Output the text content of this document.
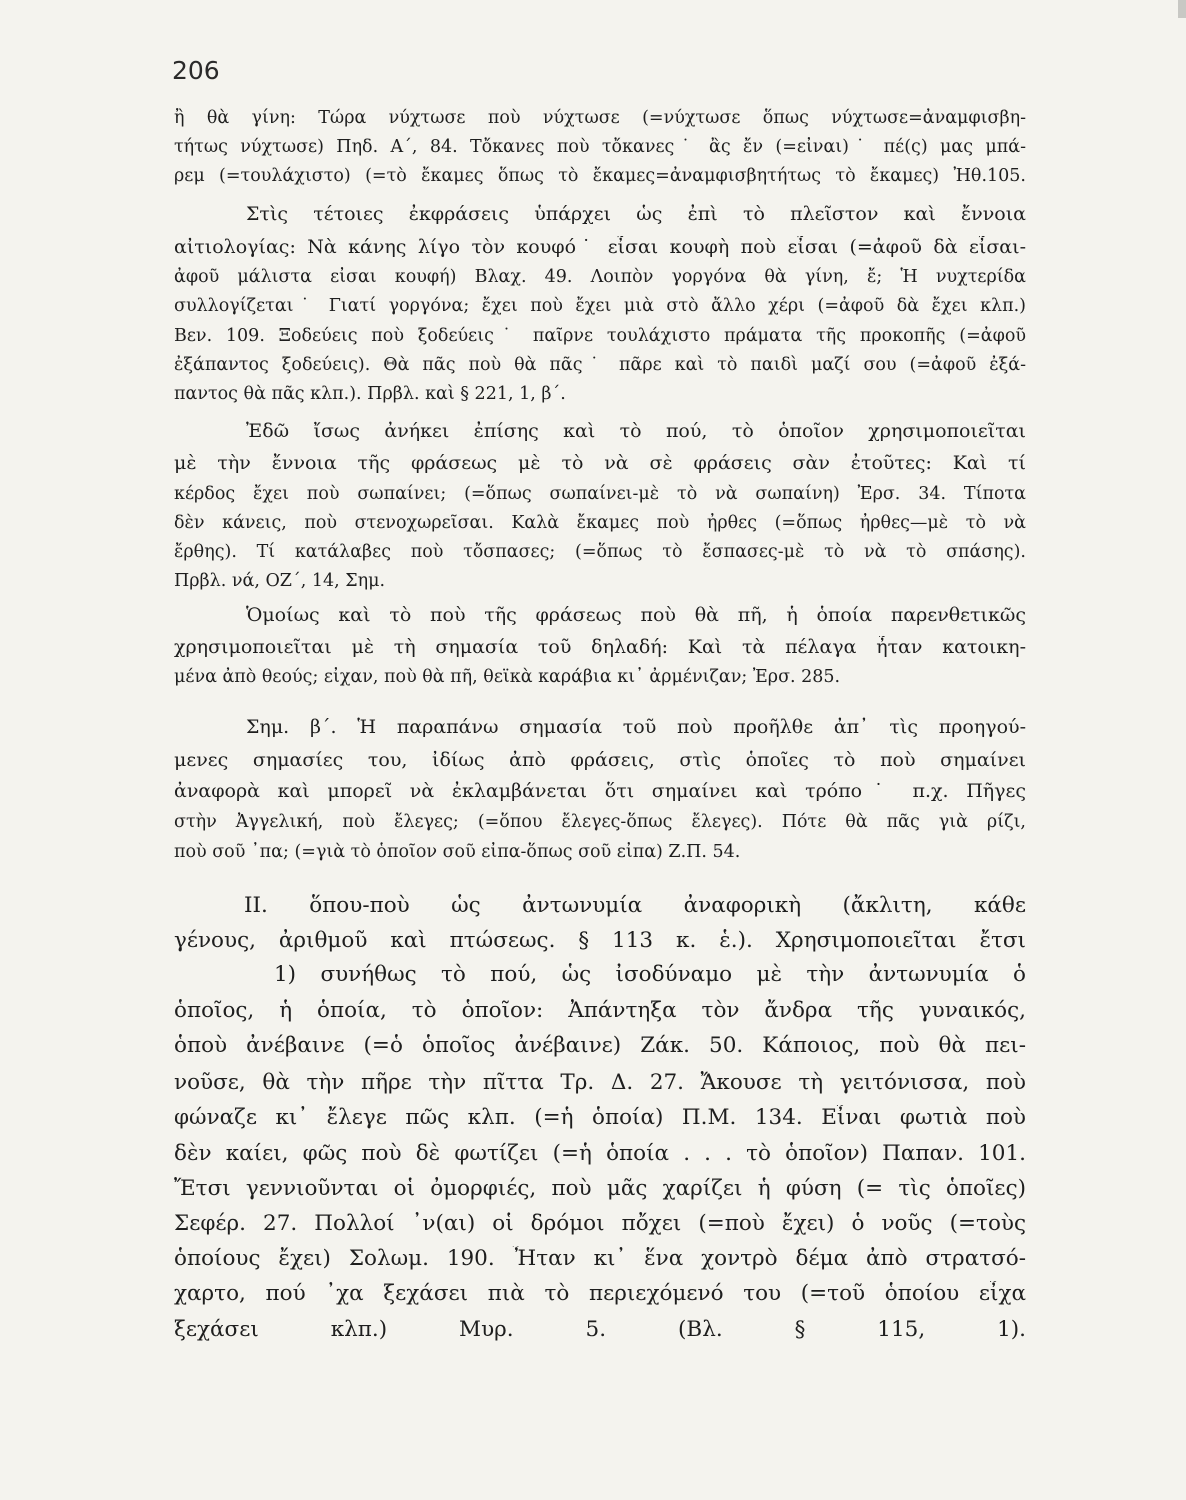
206
ἢ θὰ γίνη: Τώρα νύχτωσε ποὺ νύχτωσε (=νύχτωσε ὅπως νύχτωσε=ἀναμφισβη-
τήτως νύχτωσε) Πηδ. Α΄, 84. Τὄκανες ποὺ τὄκανες˙ ἂς ἔν (=εἶναι)˙ πέ(ς) μας μπά-
ρεμ (=τουλάχιστο) (=τὸ ἔκαμες ὅπως τὸ ἔκαμες=ἀναμφισβητήτως τὸ ἔκαμες) Ἠθ.105.
Στὶς τέτοιες ἐκφράσεις ὑπάρχει ὡς ἐπὶ τὸ πλεῖστον καὶ ἔννοια
αἰτιολογίας: Νὰ κάνης λίγο τὸν κουφό˙ εἶσαι κουφὴ ποὺ εἶσαι (=ἀφοῦ δὰ εἶσαι-
ἀφοῦ μάλιστα εἶσαι κουφή) Βλαχ. 49. Λοιπὸν γοργόνα θὰ γίνη, ἔ; Ἡ νυχτερίδα
συλλογίζεται˙ Γιατί γοργόνα; ἔχει ποὺ ἔχει μιὰ στὸ ἄλλο χέρι (=ἀφοῦ δὰ ἔχει κλπ.)
Βεν. 109. Ξοδεύεις ποὺ ξοδεύεις˙ παῖρνε τουλάχιστο πράματα τῆς προκοπῆς (=ἀφοῦ
ἐξάπαντος ξοδεύεις). Θὰ πᾶς ποὺ θὰ πᾶς˙ πᾶρε καὶ τὸ παιδὶ μαζί σου (=ἀφοῦ ἐξά-
παντος θὰ πᾶς κλπ.). Πρβλ. καὶ § 221, 1, β΄.
Ἐδῶ ἴσως ἀνήκει ἐπίσης καὶ τὸ πού, τὸ ὁποῖον χρησιμοποιεῖται
μὲ τὴν ἔννοια τῆς φράσεως μὲ τὸ νὰ σὲ φράσεις σὰν ἐτοῦτες: Καὶ τί
κέρδος ἔχει ποὺ σωπαίνει; (=ὅπως σωπαίνει-μὲ τὸ νὰ σωπαίνη) Ἐρσ. 34. Τίποτα
δὲν κάνεις, ποὺ στενοχωρεῖσαι. Καλὰ ἔκαμες ποὺ ἦρθες (=ὅπως ἦρθες—μὲ τὸ νὰ
ἔρθης). Τί κατάλαβες ποὺ τὄσπασες; (=ὅπως τὸ ἔσπασες-μὲ τὸ νὰ τὸ σπάσης).
Πρβλ. νά, ΟΖ΄, 14, Σημ.
Ὁμοίως καὶ τὸ ποὺ τῆς φράσεως ποὺ θὰ πῆ, ἡ ὁποία παρενθετικῶς
χρησιμοποιεῖται μὲ τὴ σημασία τοῦ δηλαδή: Καὶ τὰ πέλαγα ἦταν κατοικη-
μένα ἀπὸ θεούς; εἶχαν, ποὺ θὰ πῆ, θεϊκὰ καράβια κι᾽ ἀρμένιζαν; Ἐρσ. 285.
Σημ. β΄. Ἡ παραπάνω σημασία τοῦ ποὺ προῆλθε ἀπ᾽ τὶς προηγού-
μενες σημασίες του, ἰδίως ἀπὸ φράσεις, στὶς ὁποῖες τὸ ποὺ σημαίνει
ἀναφορὰ καὶ μπορεῖ νὰ ἐκλαμβάνεται ὅτι σημαίνει καὶ τρόπο˙ π.χ. Πῆγες
στὴν Ἀγγελική, ποὺ ἔλεγες; (=ὅπου ἔλεγες-ὅπως ἔλεγες). Πότε θὰ πᾶς γιὰ ρίζι,
ποὺ σοῦ ᾽πα; (=γιὰ τὸ ὁποῖον σοῦ εἶπα-ὅπως σοῦ εἶπα) Ζ.Π. 54.
ΙΙ. ὅπου-ποὺ ὡς ἀντωνυμία ἀναφορικὴ (ἄκλιτη, κάθε
γένους, ἀριθμοῦ καὶ πτώσεως. § 113 κ. ἑ.). Χρησιμοποιεῖται ἔτσι
1) συνήθως τὸ πού, ὡς ἰσοδύναμο μὲ τὴν ἀντωνυμία ὁ
ὁποῖος, ἡ ὁποία, τὸ ὁποῖον: Ἀπάντηξα τὸν ἄνδρα τῆς γυναικός,
ὁποὺ ἀνέβαινε (=ὁ ὁποῖος ἀνέβαινε) Ζάκ. 50. Κάποιος, ποὺ θὰ πει-
νοῦσε, θὰ τὴν πῆρε τὴν πῖττα Τρ. Δ. 27. Ἄκουσε τὴ γειτόνισσα, ποὺ
φώναζε κι᾽ ἔλεγε πῶς κλπ. (=ἡ ὁποία) Π.Μ. 134. Εἶναι φωτιὰ ποὺ
δὲν καίει, φῶς ποὺ δὲ φωτίζει (=ἡ ὁποία . . . τὸ ὁποῖον) Παπαν. 101.
Ἔτσι γεννιοῦνται οἱ ὀμορφιές, ποὺ μᾶς χαρίζει ἡ φύση (= τὶς ὁποῖες)
Σεφέρ. 27. Πολλοί ᾽ν(αι) οἱ δρόμοι πὄχει (=ποὺ ἔχει) ὁ νοῦς (=τοὺς
ὁποίους ἔχει) Σολωμ. 190. Ἦταν κι᾽ ἕνα χοντρὸ δέμα ἀπὸ στρατσό-
χαρτο, πού ᾽χα ξεχάσει πιὰ τὸ περιεχόμενό του (=τοῦ ὁποίου εἶχα
ξεχάσει κλπ.) Μυρ. 5. (Βλ. § 115, 1).
